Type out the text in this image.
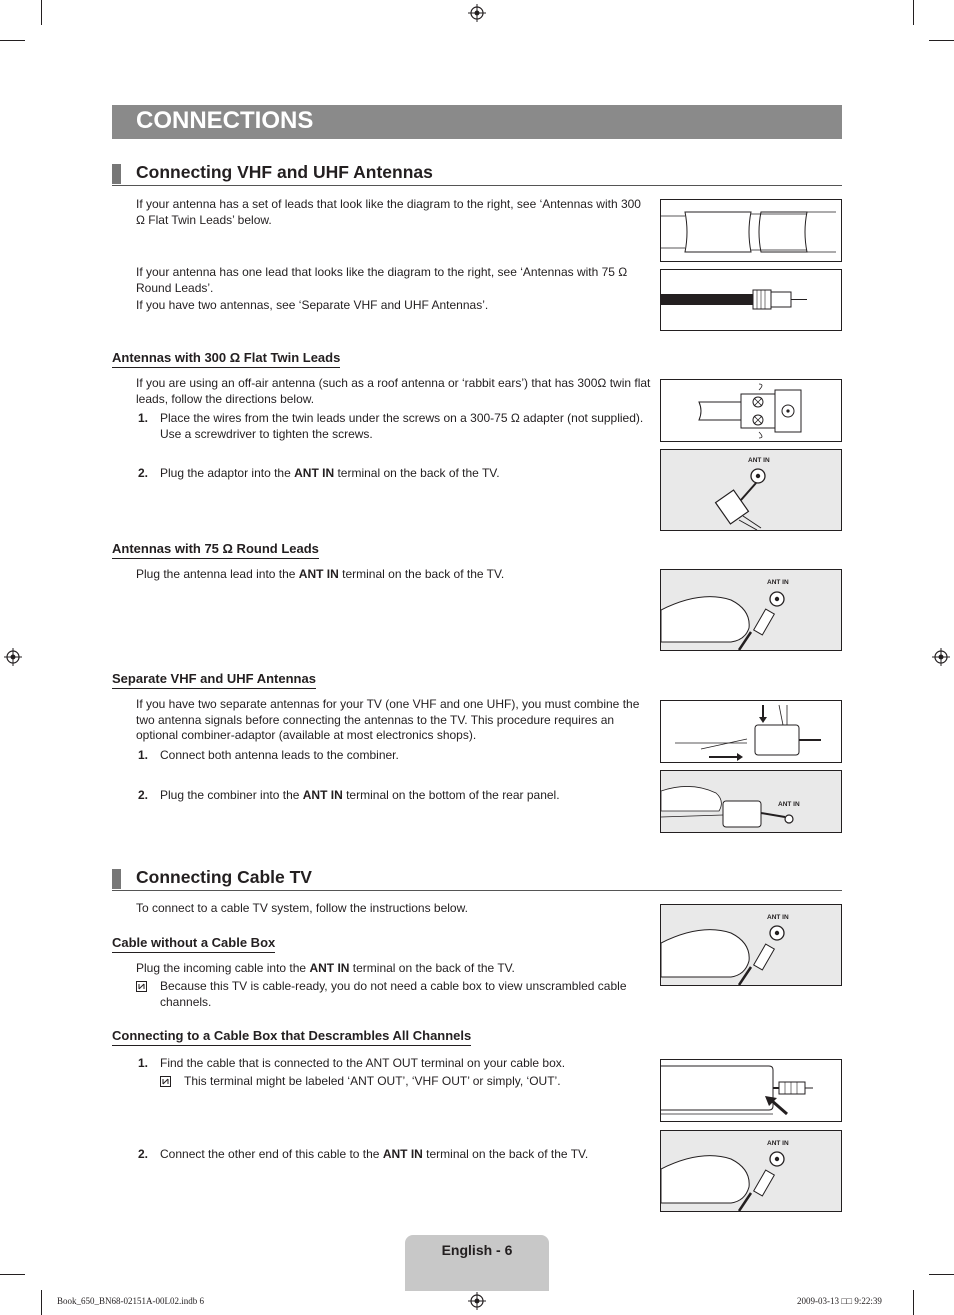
CONNECTIONS
Connecting VHF and UHF Antennas
If your antenna has a set of leads that look like the diagram to the right, see ‘Antennas with 300 Ω Flat Twin Leads’ below.
If your antenna has one lead that looks like the diagram to the right, see ‘Antennas with 75 Ω Round Leads’.
If you have two antennas, see ‘Separate VHF and UHF Antennas’.
Antennas with 300 Ω Flat Twin Leads
If you are using an off-air antenna (such as a roof antenna or ‘rabbit ears’) that has 300Ω twin flat leads, follow the directions below.
1. Place the wires from the twin leads under the screws on a 300-75 Ω adapter (not supplied). Use a screwdriver to tighten the screws.
2. Plug the adaptor into the ANT IN terminal on the back of the TV.
ANT IN
Antennas with 75 Ω Round Leads
Plug the antenna lead into the ANT IN terminal on the back of the TV.
ANT IN
Separate VHF and UHF Antennas
If you have two separate antennas for your TV (one VHF and one UHF), you must combine the two antenna signals before connecting the antennas to the TV. This procedure requires an optional combiner-adaptor (available at most electronics shops).
1. Connect both antenna leads to the combiner.
2. Plug the combiner into the ANT IN terminal on the bottom of the rear panel.
ANT IN
Connecting Cable TV
To connect to a cable TV system, follow the instructions below.
Cable without a Cable Box
Plug the incoming cable into the ANT IN terminal on the back of the TV.
Because this TV is cable-ready, you do not need a cable box to view unscrambled cable channels.
ANT IN
Connecting to a Cable Box that Descrambles All Channels
1. Find the cable that is connected to the ANT OUT terminal on your cable box.
This terminal might be labeled ‘ANT OUT’, ‘VHF OUT’ or simply, ‘OUT’.
2. Connect the other end of this cable to the ANT IN terminal on the back of the TV.
ANT IN
English - 6
Book_650_BN68-02151A-00L02.indb 6	2009-03-13 □□ 9:22:39
